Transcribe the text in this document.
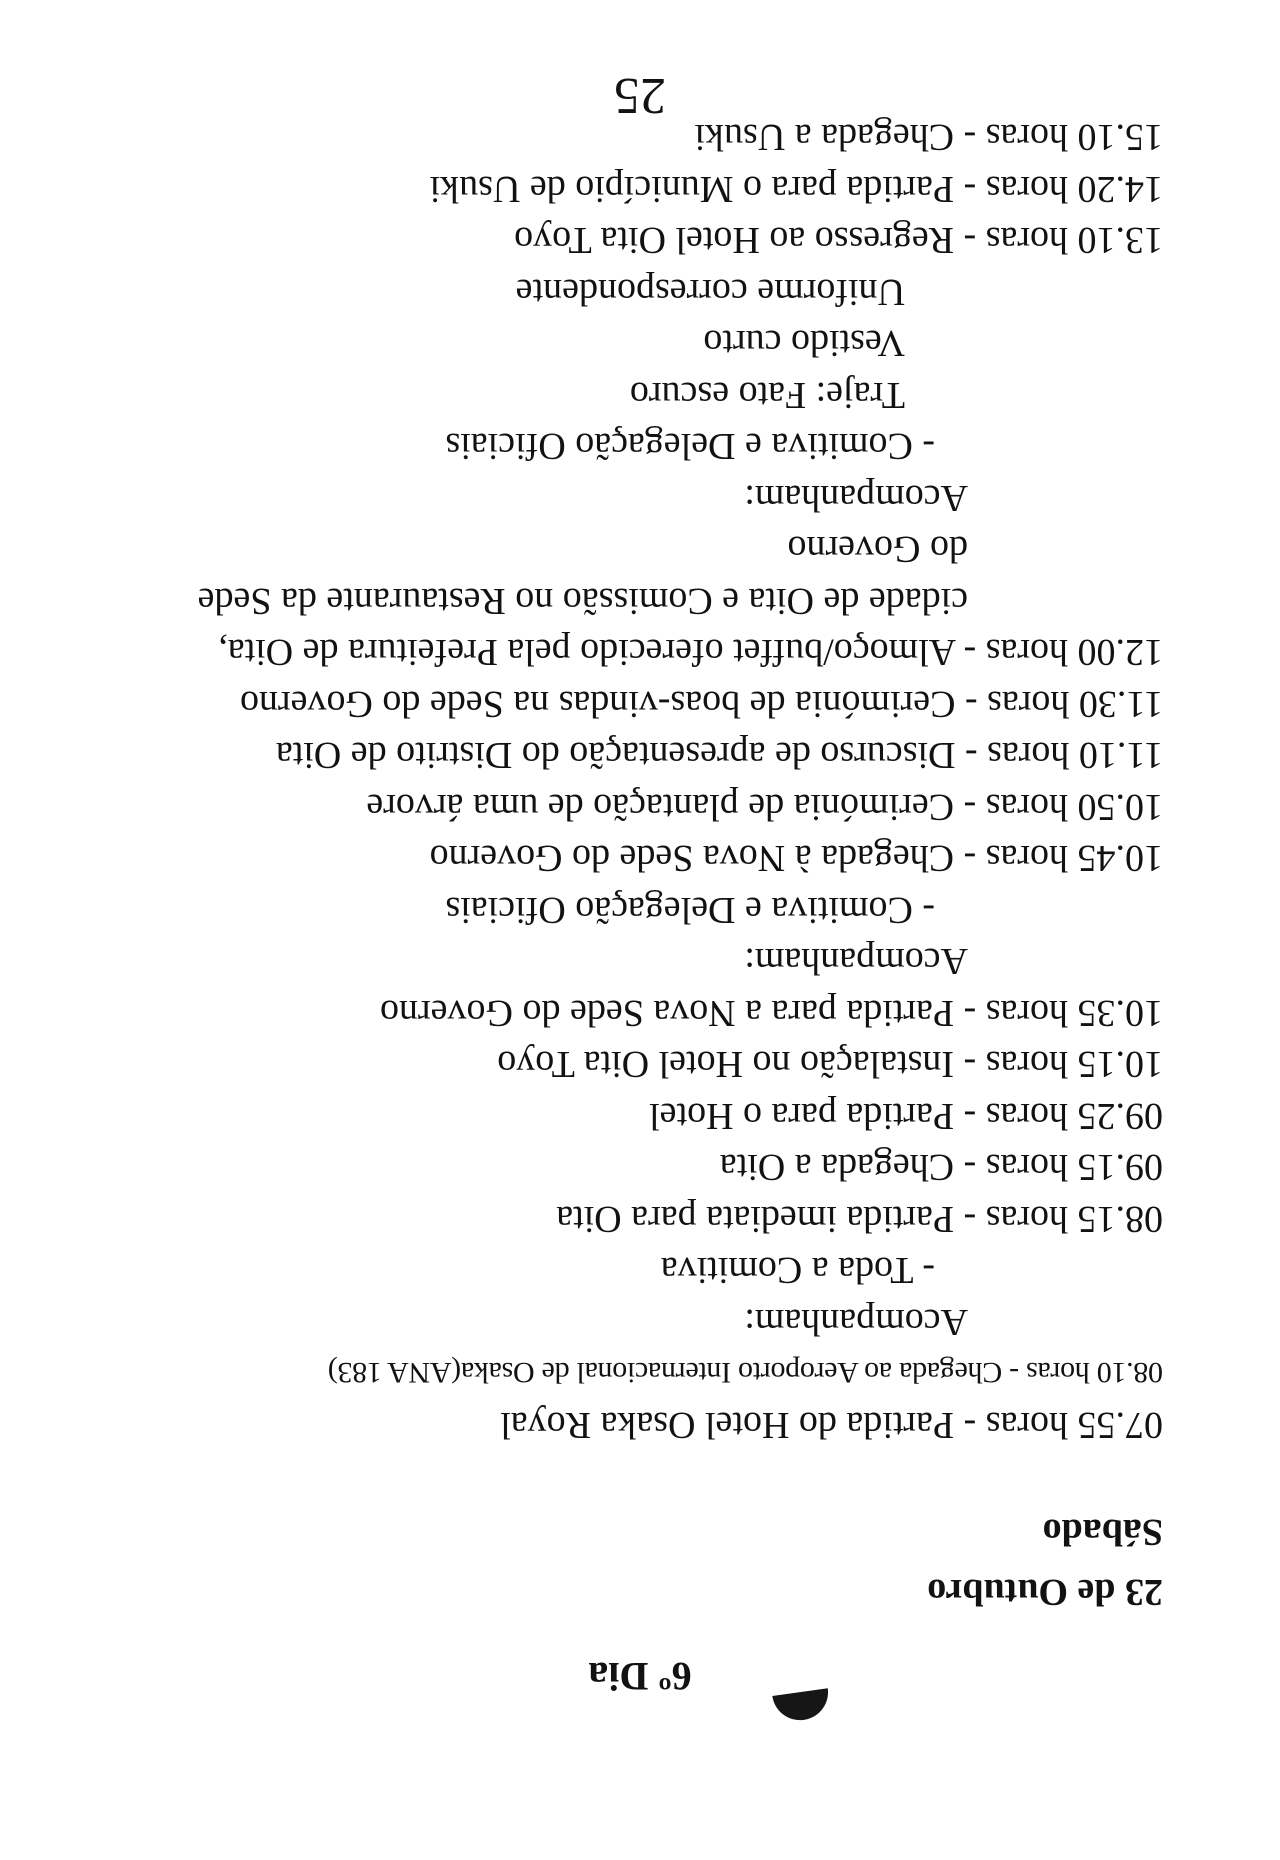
6º Dia
23 de Outubro
Sábado
07.55 horas - Partida do Hotel Osaka Royal
08.10 horas - Chegada ao Aeroporto Internacional de Osaka(ANA 183)
Acompanham:
- Toda a Comitiva
08.15 horas - Partida imediata para Oita
09.15 horas - Chegada a Oita
09.25 horas - Partida para o Hotel
10.15 horas - Instalação no Hotel Oita Toyo
10.35 horas - Partida para a Nova Sede do Governo
Acompanham:
- Comitiva e Delegação Oficiais
10.45 horas - Chegada à Nova Sede do Governo
10.50 horas - Cerimónia de plantação de uma árvore
11.10 horas - Discurso de apresentação do Distrito de Oita
11.30 horas - Cerimónia de boas-vindas na Sede do Governo
12.00 horas - Almoço/buffet oferecido pela Prefeitura de Oita,
cidade de Oita e Comissão no Restaurante da Sede
do Governo
Acompanham:
- Comitiva e Delegação Oficiais
Traje: Fato escuro
Vestido curto
Uniforme correspondente
13.10 horas - Regresso ao Hotel Oita Toyo
14.20 horas - Partida para o Município de Usuki
15.10 horas - Chegada a Usuki
25
